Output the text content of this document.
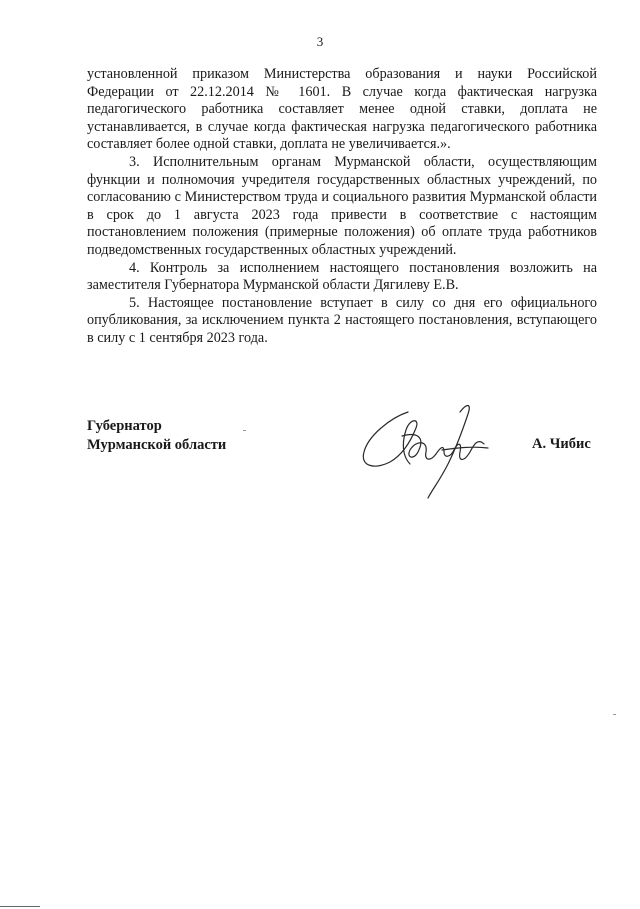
3

установленной приказом Министерства образования и науки Российской Федерации от 22.12.2014 № 1601. В случае когда фактическая нагрузка педагогического работника составляет менее одной ставки, доплата не устанавливается, в случае когда фактическая нагрузка педагогического работника составляет более одной ставки, доплата не увеличивается.».

3. Исполнительным органам Мурманской области, осуществляющим функции и полномочия учредителя государственных областных учреждений, по согласованию с Министерством труда и социального развития Мурманской области в срок до 1 августа 2023 года привести в соответствие с настоящим постановлением положения (примерные положения) об оплате труда работников подведомственных государственных областных учреждений.

4. Контроль за исполнением настоящего постановления возложить на заместителя Губернатора Мурманской области Дягилеву Е.В.

5. Настоящее постановление вступает в силу со дня его официального опубликования, за исключением пункта 2 настоящего постановления, вступающего в силу с 1 сентября 2023 года.

Губернатор
Мурманской области	А. Чибис
